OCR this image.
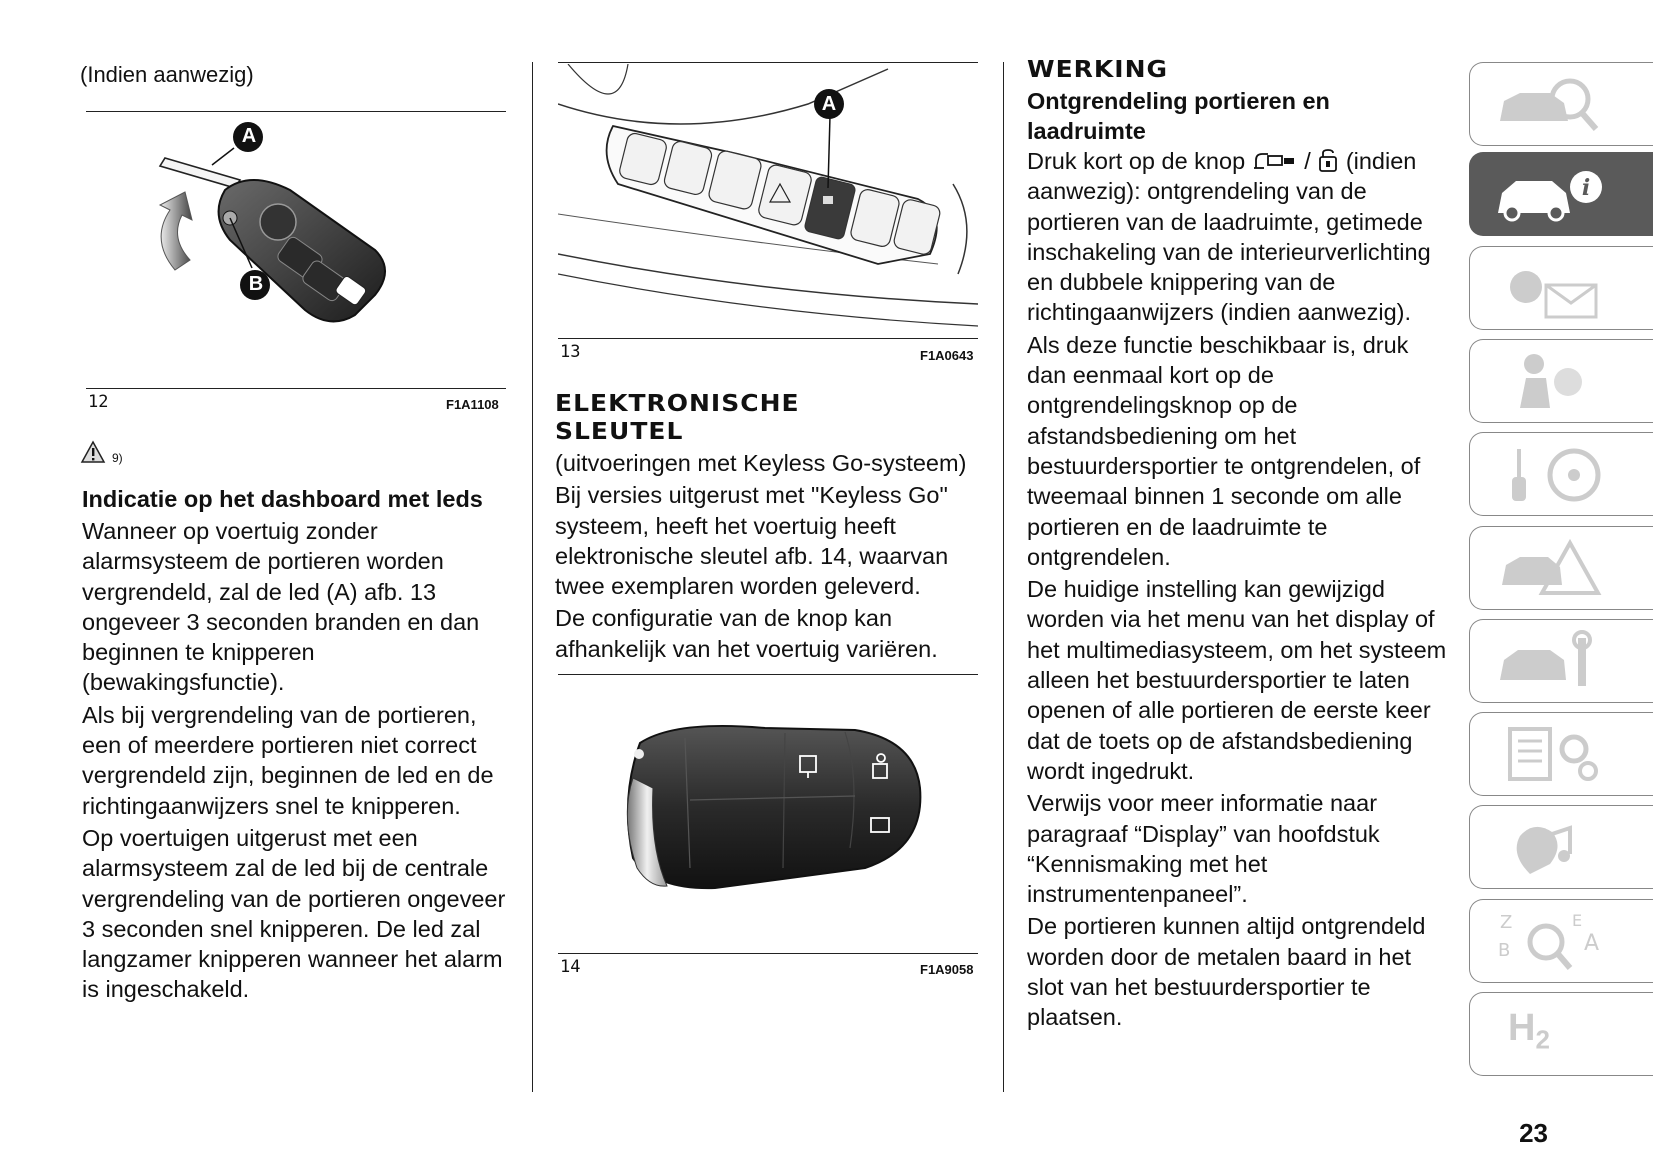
(Indien aanwezig)
A
B
12	F1A1108
9)
Indicatie op het dashboard met leds

Wanneer op voertuig zonder alarmsysteem de portieren worden vergrendeld, zal de led (A) afb. 13 ongeveer 3 seconden branden en dan beginnen te knipperen (bewakingsfunctie).

Als bij vergrendeling van de portieren, een of meerdere portieren niet correct vergrendeld zijn, beginnen de led en de richtingaanwijzers snel te knipperen.

Op voertuigen uitgerust met een alarmsysteem zal de led bij de centrale vergrendeling van de portieren ongeveer 3 seconden snel knipperen. De led zal langzamer knipperen wanneer het alarm is ingeschakeld.

A
13	F1A0643
ELEKTRONISCHE SLEUTEL

(uitvoeringen met Keyless Go-systeem)

Bij versies uitgerust met "Keyless Go" systeem, heeft het voertuig heeft elektronische sleutel afb. 14, waarvan twee exemplaren worden geleverd.

De configuratie van de knop kan afhankelijk van het voertuig variëren.

14	F1A9058
WERKING
Ontgrendeling portieren en laadruimte

Druk kort op de knop	/ (indien aanwezig): ontgrendeling van de portieren van de laadruimte, getimede inschakeling van de interieurverlichting en dubbele knippering van de richtingaanwijzers (indien aanwezig).

Als deze functie beschikbaar is, druk dan eenmaal kort op de ontgrendelingsknop op de afstandsbediening om het bestuurdersportier te ontgrendelen, of tweemaal binnen 1 seconde om alle portieren en de laadruimte te ontgrendelen.

De huidige instelling kan gewijzigd worden via het menu van het display of het multimediasysteem, om het systeem alleen het bestuurdersportier te laten openen of alle portieren de eerste keer dat de toets op de afstandsbediening wordt ingedrukt.

Verwijs voor meer informatie naar paragraaf “Display” van hoofdstuk “Kennismaking met het instrumentenpaneel”.

De portieren kunnen altijd ontgrendeld worden door de metalen baard in het slot van het bestuurdersportier te plaatsen.

i
Z
B	A
E
$H_2$
23
